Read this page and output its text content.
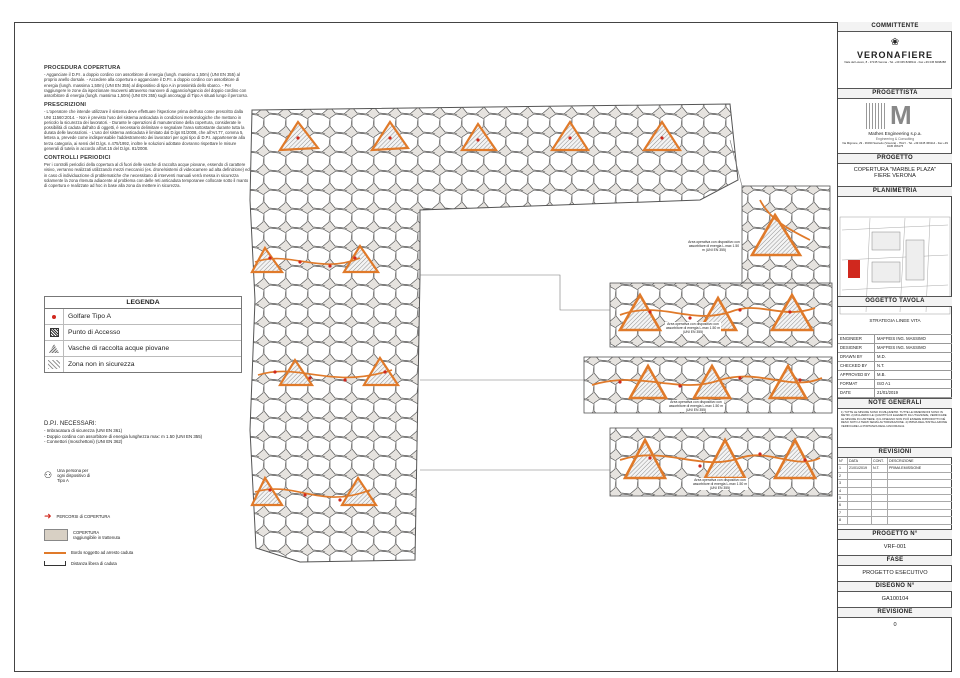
PROCEDURA COPERTURA

- Agganciare il D.P.I. a doppio cordino con assorbitore di energia (lungh. massima 1,50m) (UNI EN 355) al proprio anello dorsale. - Accedere alla copertura e agganciare il D.P.I. a doppio cordino con assorbitore di energia (lungh. massima 1,50m) (UNI EN 355) al dispositivo di tipo A in prossimità dello sbarco. - Per raggiungere le zone da ispezionare muoversi attraverso manovre di aggancio/sgancio del doppio cordino con assorbitore di energia (lungh. massima 1,50m) (UNI EN 355) sugli ancoraggi di Tipo A situati lungo il percorso.

PRESCRIZIONI

- L'operatore che intende utilizzare il sistema deve effettuare l'ispezione prima dell'uso come prescritto dalla UNI 11560:2014. - Non è previsto l'uso del sistema anticaduta in condizioni meteorologiche che mettono in pericolo la sicurezza dei lavoratori. - Durante le operazioni di manutenzione della copertura, considerate le possibilità di caduta dall'alto di oggetti, è necessario delimitare e segnalare l'area sottostante durante tutta la durata delle lavorazioni. - L'uso del sistema anticaduta è limitato dal D.lgs 81/2008, che all'Art.77, comma 5, lettera a, prevede come indispensabile l'addestramento dei lavoratori per ogni tipo di D.P.I. appartenente alla terza categoria, ai sensi del D.lgs. n.475/1992, inoltre le soluzioni adottate dovranno rispettare le misure generali di tutela in accordo all'art.15 del D.lgs. 81/2008.

CONTROLLI PERIODICI

Per i controlli periodici della copertura al di fuori delle vasche di raccolta acque piovane, essendo di carattere visivo, verranno realizzati utilizzando mezzi meccanici (es. drone/sistemi di videocamere ad alta definizione) ed in caso di individuazione di problematiche che necessitano di interventi manuali verrà messa in sicurezza solamente la zona ritenuta adiacente al problema con delle reti anticaduta temporanee collocate sotto il manto di copertura e realizzate ad hoc in base alla zona da mettere in sicurezza.

LEGENDA
Golfare Tipo A
Punto di Accesso
Vasche di raccolta acque piovane
Zona non in sicurezza
D.P.I. NECESSARI:
- Imbracatura di sicurezza (UNI EN 361)
- Doppio cordino con assorbitore di energia lunghezza max: m 1.50 (UNI EN 355)
- Connettori (moschettoni) (UNI EN 362)
⚇ Una persona per ogni dispositivo di Tipo A
➜ PERCORSI di COPERTURA
COPERTURA raggiungibile in trattenuta
Bordo soggetto ad arresto caduta
Distanza libera di caduta
Area operativa con dispositivo con assorbitore di energia L.max 1.50 m (UNI EN 355)
Area operativa con dispositivo con assorbitore di energia L.max 1.50 m (UNI EN 355)
Area operativa con dispositivo con assorbitore di energia L.max 1.50 m (UNI EN 355)
Area operativa con dispositivo con assorbitore di energia L.max 1.50 m (UNI EN 355)
COMMITTENTE
❀
VERONAFIERE
Viale del Lavoro, 8 - 37135 Verona - Tel. +39 045 8298111 - Fax +39 045 8298288
PROGETTISTA
M
Mathes Engineering s.p.a.
Engineering & Consulting
Via Mignone, 29 - 36030 Sarcedo (Vicenza) - ITALY - Tel. +39 0445 366114 - Fax +39 0445 366175
PROGETTO
COPERTURA "MARBLE PLAZA"
FIERE VERONA
PLANIMETRIA
OGGETTO TAVOLA
STRATEGIA LINEE VITA
ENGINEER	MAFFEIS ING. MASSIMO
DESIGNER	MAFFEIS ING. MASSIMO
DRAWN BY	M.D.
CHECKED BY	N.T.
APPROVED BY	M.B.
FORMAT	ISO A1
DATE	21/01/2019
NOTE GENERALI
1) TUTTE LE MISURE SONO IN MILLIMETRI. TUTTE LE DIMENSIONI SONO IN METRI. 2) RIGUARDO LE QUANTITÀ DI ELEMENTI DA UTILIZZARE, VERIFICARE LE MISURE IN CANTIERE. 3) IL DISEGNO NON PUÒ ESSERE RIPRODOTTO NÉ RESO NOTO A TERZI SENZA AUTORIZZAZIONE. 4) PRIMA DELL'INSTALLAZIONE VERIFICARE LA PORTANZA DEGLI ANCORAGGI.
REVISIONI
N°	DATA	CONT.	DESCRIZIONE
1	21/01/2019	N.T.	PRIMA EMISSIONE
2
3
4
5
6
7
8
PROGETTO N°
VRF-001
FASE
PROGETTO ESECUTIVO
DISEGNO N°
GA100104
REVISIONE
0
